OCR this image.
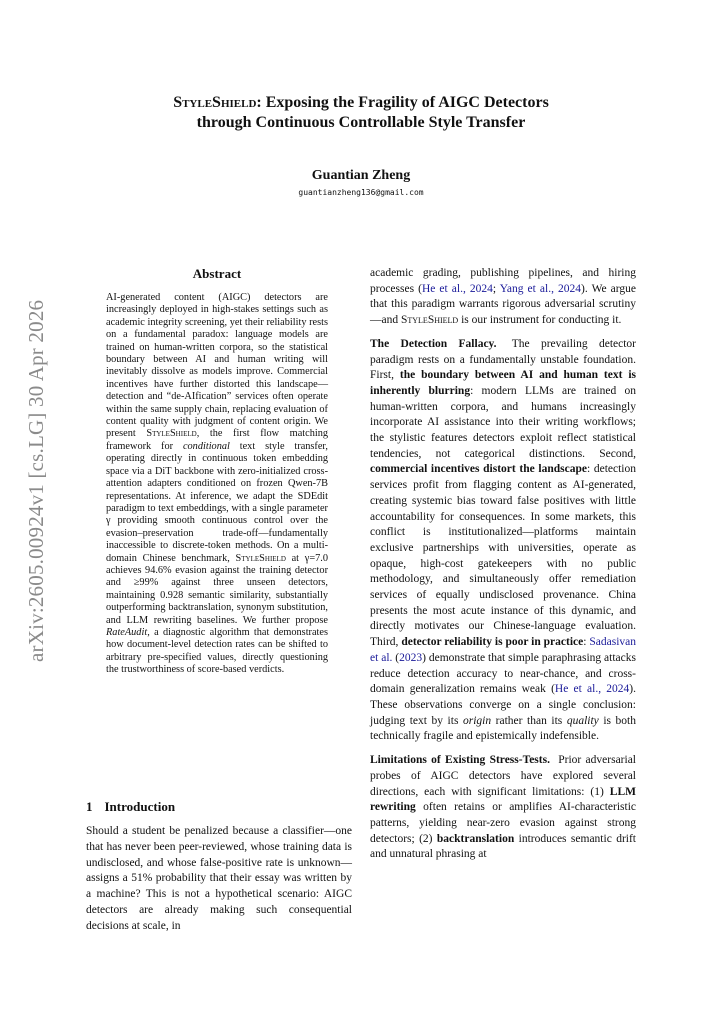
arXiv:2605.00924v1 [cs.LG] 30 Apr 2026
StyleShield: Exposing the Fragility of AIGC Detectors
through Continuous Controllable Style Transfer
Guantian Zheng
guantianzheng136@gmail.com
Abstract
AI-generated content (AIGC) detectors are increasingly deployed in high-stakes settings such as academic integrity screening, yet their reliability rests on a fundamental paradox: language models are trained on human-written corpora, so the statistical boundary between AI and human writing will inevitably dissolve as models improve. Commercial incentives have further distorted this landscape—detection and “de-AIfication” services often operate within the same supply chain, replacing evaluation of content quality with judgment of content origin. We present StyleShield, the first flow matching framework for conditional text style transfer, operating directly in continuous token embedding space via a DiT backbone with zero-initialized cross-attention adapters conditioned on frozen Qwen-7B representations. At inference, we adapt the SDEdit paradigm to text embeddings, with a single parameter γ providing smooth continuous control over the evasion–preservation trade-off—fundamentally inaccessible to discrete-token methods. On a multi-domain Chinese benchmark, StyleShield at γ=7.0 achieves 94.6% evasion against the training detector and ≥99% against three unseen detectors, maintaining 0.928 semantic similarity, substantially outperforming backtranslation, synonym substitution, and LLM rewriting baselines. We further propose RateAudit, a diagnostic algorithm that demonstrates how document-level detection rates can be shifted to arbitrary pre-specified values, directly questioning the trustworthiness of score-based verdicts.
1 Introduction
Should a student be penalized because a classifier—one that has never been peer-reviewed, whose training data is undisclosed, and whose false-positive rate is unknown—assigns a 51% probability that their essay was written by a machine? This is not a hypothetical scenario: AIGC detectors are already making such consequential decisions at scale, in

academic grading, publishing pipelines, and hiring processes (He et al., 2024; Yang et al., 2024). We argue that this paradigm warrants rigorous adversarial scrutiny—and StyleShield is our instrument for conducting it.

The Detection Fallacy. The prevailing detector paradigm rests on a fundamentally unstable foundation. First, the boundary between AI and human text is inherently blurring: modern LLMs are trained on human-written corpora, and humans increasingly incorporate AI assistance into their writing workflows; the stylistic features detectors exploit reflect statistical tendencies, not categorical distinctions. Second, commercial incentives distort the landscape: detection services profit from flagging content as AI-generated, creating systemic bias toward false positives with little accountability for consequences. In some markets, this conflict is institutionalized—platforms maintain exclusive partnerships with universities, operate as opaque, high-cost gatekeepers with no public methodology, and simultaneously offer remediation services of equally undisclosed provenance. China presents the most acute instance of this dynamic, and directly motivates our Chinese-language evaluation. Third, detector reliability is poor in practice: Sadasivan et al. (2023) demonstrate that simple paraphrasing attacks reduce detection accuracy to near-chance, and cross-domain generalization remains weak (He et al., 2024). These observations converge on a single conclusion: judging text by its origin rather than its quality is both technically fragile and epistemically indefensible.

Limitations of Existing Stress-Tests. Prior adversarial probes of AIGC detectors have explored several directions, each with significant limitations: (1) LLM rewriting often retains or amplifies AI-characteristic patterns, yielding near-zero evasion against strong detectors; (2) backtranslation introduces semantic drift and unnatural phrasing at
